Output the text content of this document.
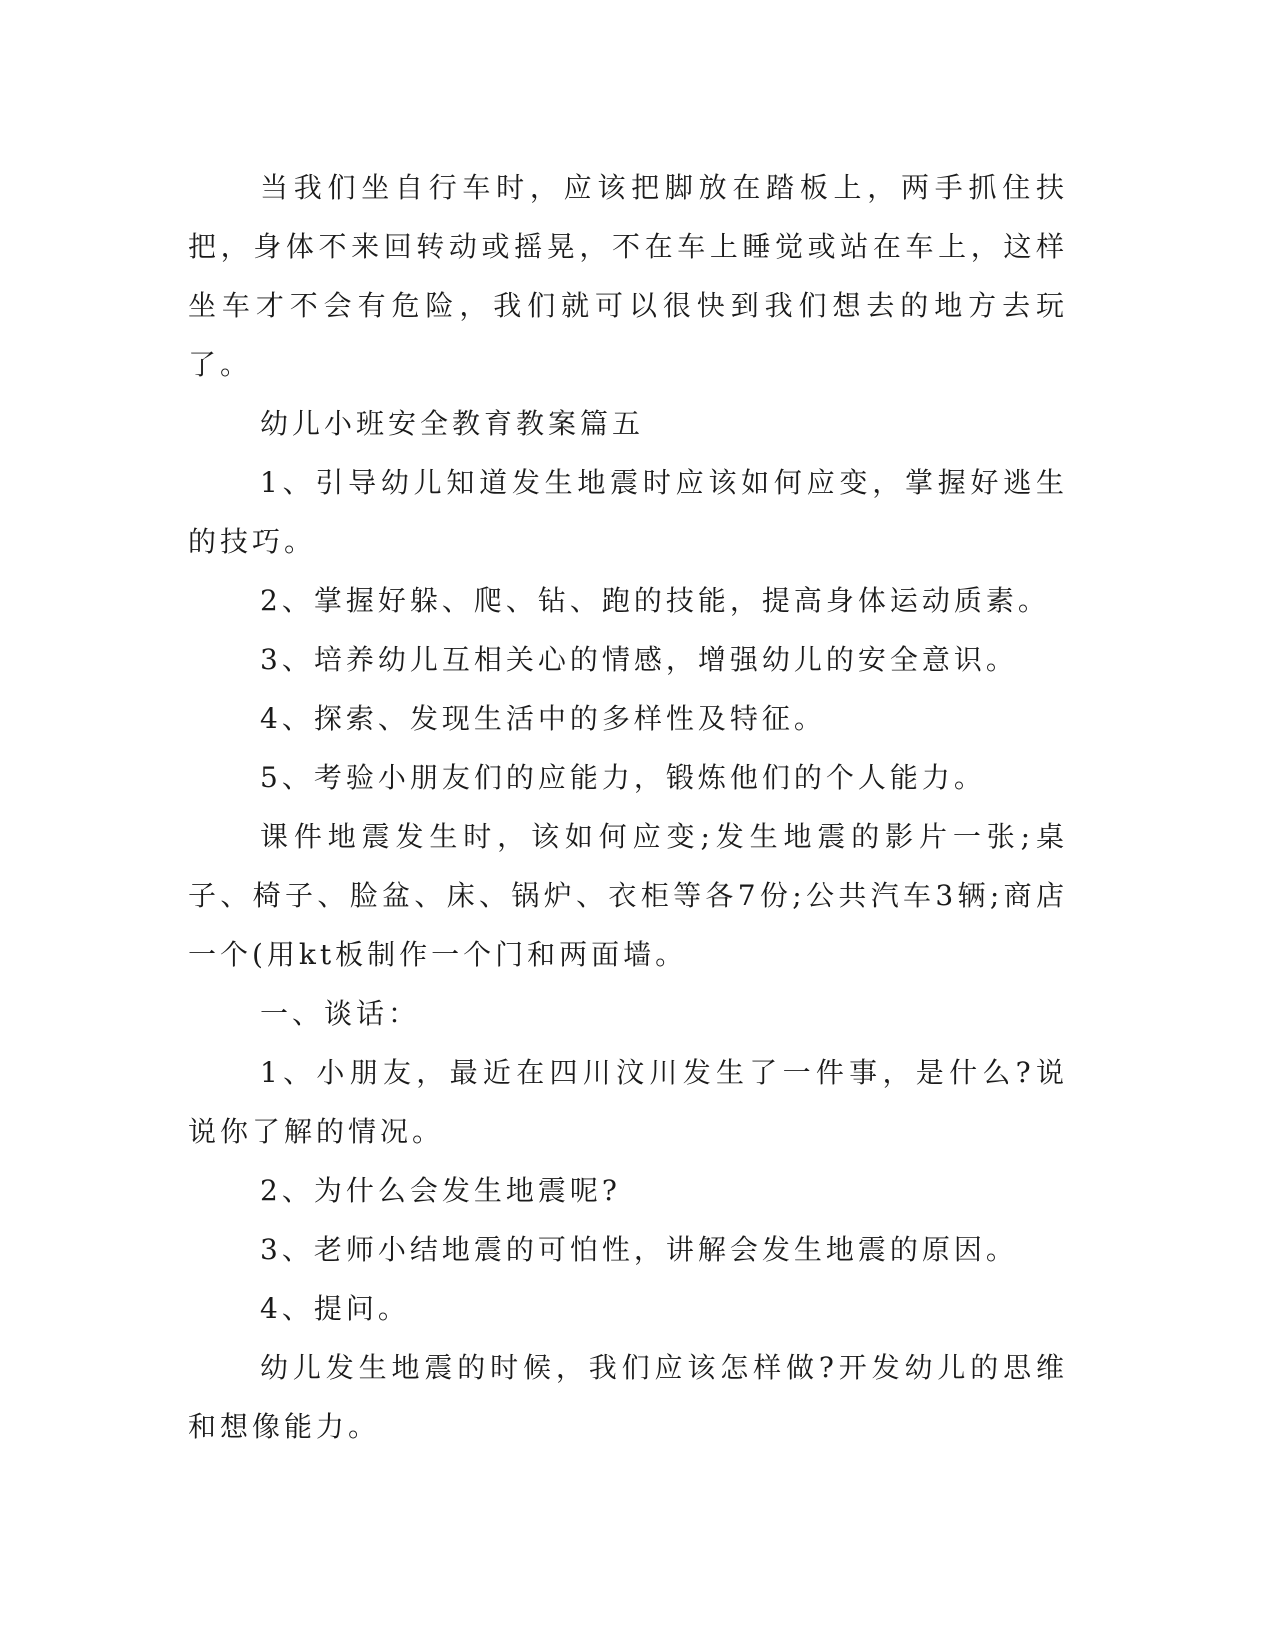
当我们坐自行车时，应该把脚放在踏板上，两手抓住扶把，身体不来回转动或摇晃，不在车上睡觉或站在车上，这样坐车才不会有危险，我们就可以很快到我们想去的地方去玩了。

幼儿小班安全教育教案篇五

1、引导幼儿知道发生地震时应该如何应变，掌握好逃生的技巧。

2、掌握好躲、爬、钻、跑的技能，提高身体运动质素。

3、培养幼儿互相关心的情感，增强幼儿的安全意识。

4、探索、发现生活中的多样性及特征。

5、考验小朋友们的应能力，锻炼他们的个人能力。

课件地震发生时，该如何应变;发生地震的影片一张;桌子、椅子、脸盆、床、锅炉、衣柜等各7份;公共汽车3辆;商店一个(用kt板制作一个门和两面墙。

一、谈话：

1、小朋友，最近在四川汶川发生了一件事，是什么?说说你了解的情况。

2、为什么会发生地震呢?

3、老师小结地震的可怕性，讲解会发生地震的原因。

4、提问。

幼儿发生地震的时候，我们应该怎样做?开发幼儿的思维和想像能力。
